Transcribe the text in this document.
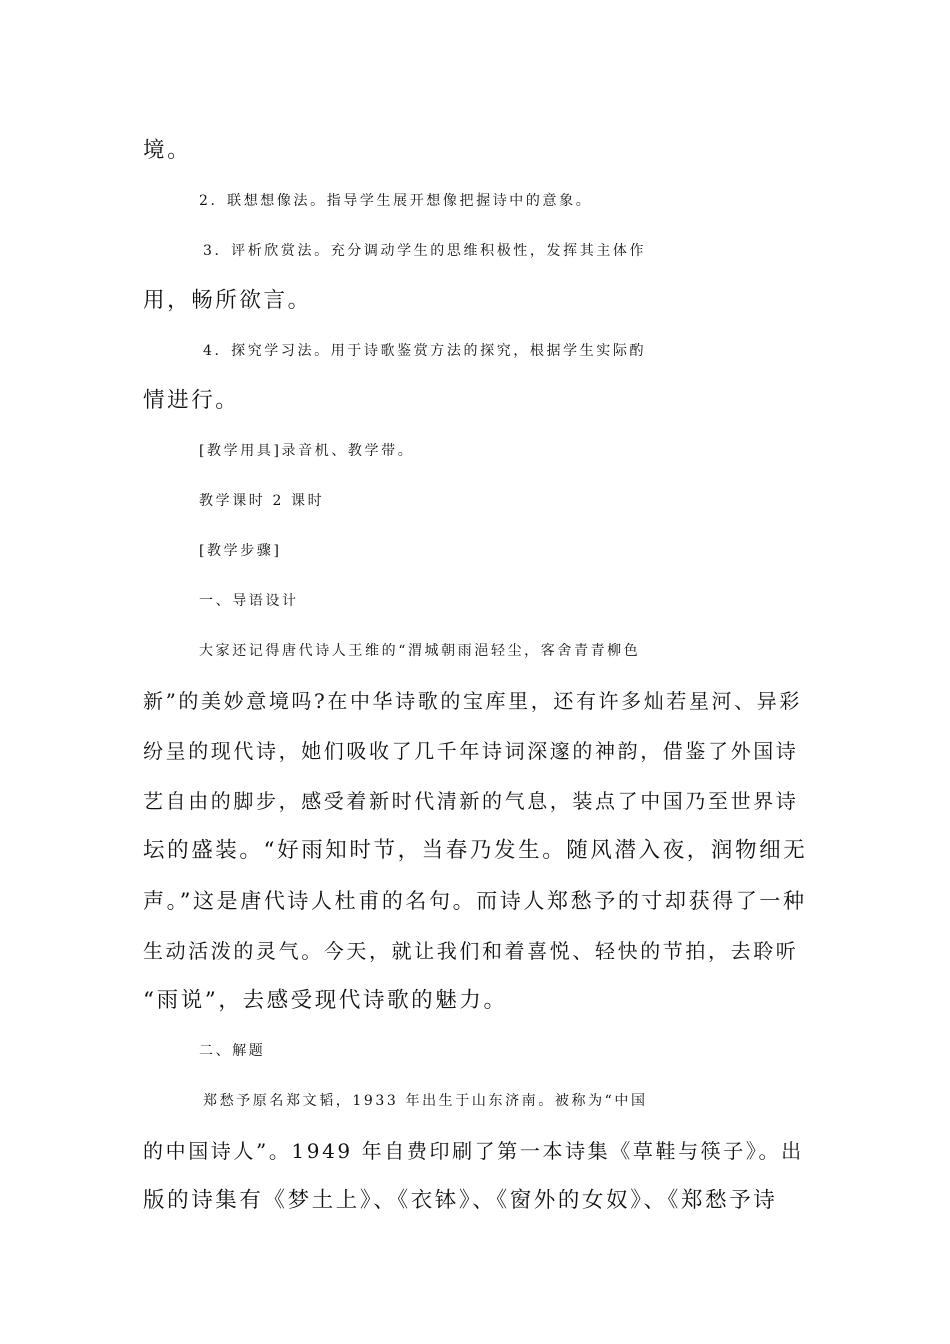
境。
2．联想想像法。指导学生展开想像把握诗中的意象。
3．评析欣赏法。充分调动学生的思维积极性，发挥其主体作
用，畅所欲言。
4．探究学习法。用于诗歌鉴赏方法的探究，根据学生实际酌
情进行。
[教学用具]录音机、教学带。
教学课时 2 课时
[教学步骤]
一、导语设计
大家还记得唐代诗人王维的“渭城朝雨浥轻尘，客舍青青柳色
新”的美妙意境吗?在中华诗歌的宝库里，还有许多灿若星河、异彩
纷呈的现代诗，她们吸收了几千年诗词深邃的神韵，借鉴了外国诗
艺自由的脚步，感受着新时代清新的气息，装点了中国乃至世界诗
坛的盛装。“好雨知时节，当春乃发生。随风潜入夜，润物细无
声。”这是唐代诗人杜甫的名句。而诗人郑愁予的寸却获得了一种
生动活泼的灵气。今天，就让我们和着喜悦、轻快的节拍，去聆听
“雨说”，去感受现代诗歌的魅力。
二、解题
郑愁予原名郑文韬，1933 年出生于山东济南。被称为“中国
的中国诗人”。1949 年自费印刷了第一本诗集《草鞋与筷子》。出
版的诗集有《梦土上》、《衣钵》、《窗外的女奴》、《郑愁予诗
